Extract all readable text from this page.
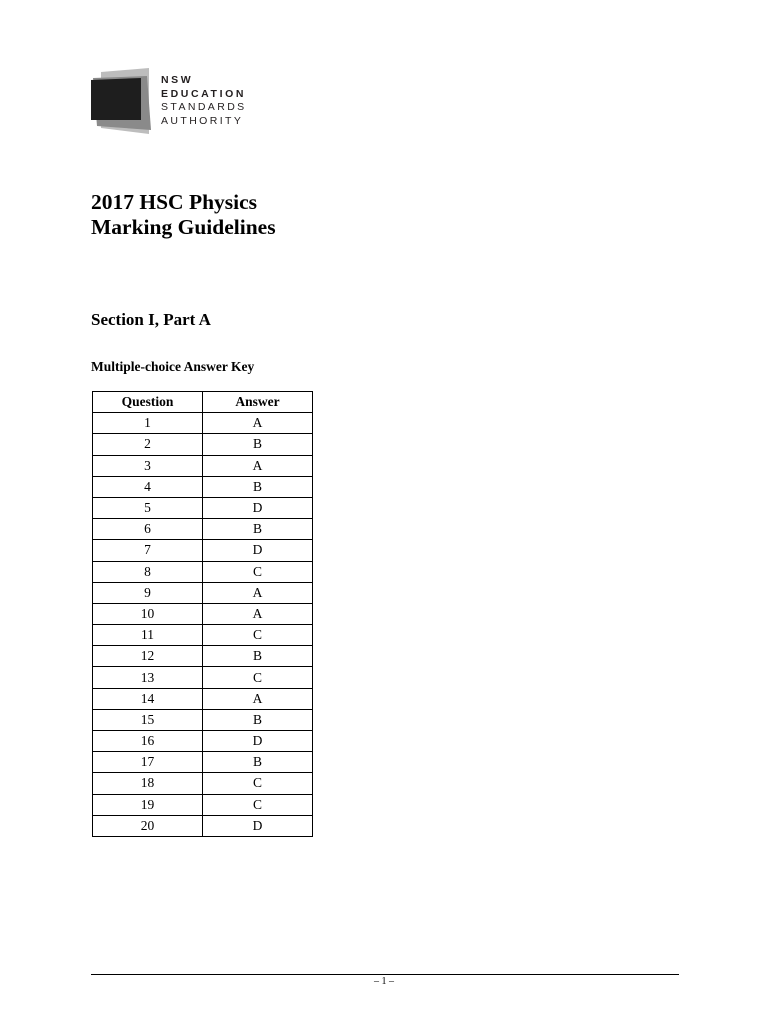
NSW
EDUCATION
STANDARDS
AUTHORITY
2017 HSC Physics
Marking Guidelines
Section I, Part A
Multiple-choice Answer Key
Question	Answer
1	A
2	B
3	A
4	B
5	D
6	B
7	D
8	C
9	A
10	A
11	C
12	B
13	C
14	A
15	B
16	D
17	B
18	C
19	C
20	D
– 1 –
